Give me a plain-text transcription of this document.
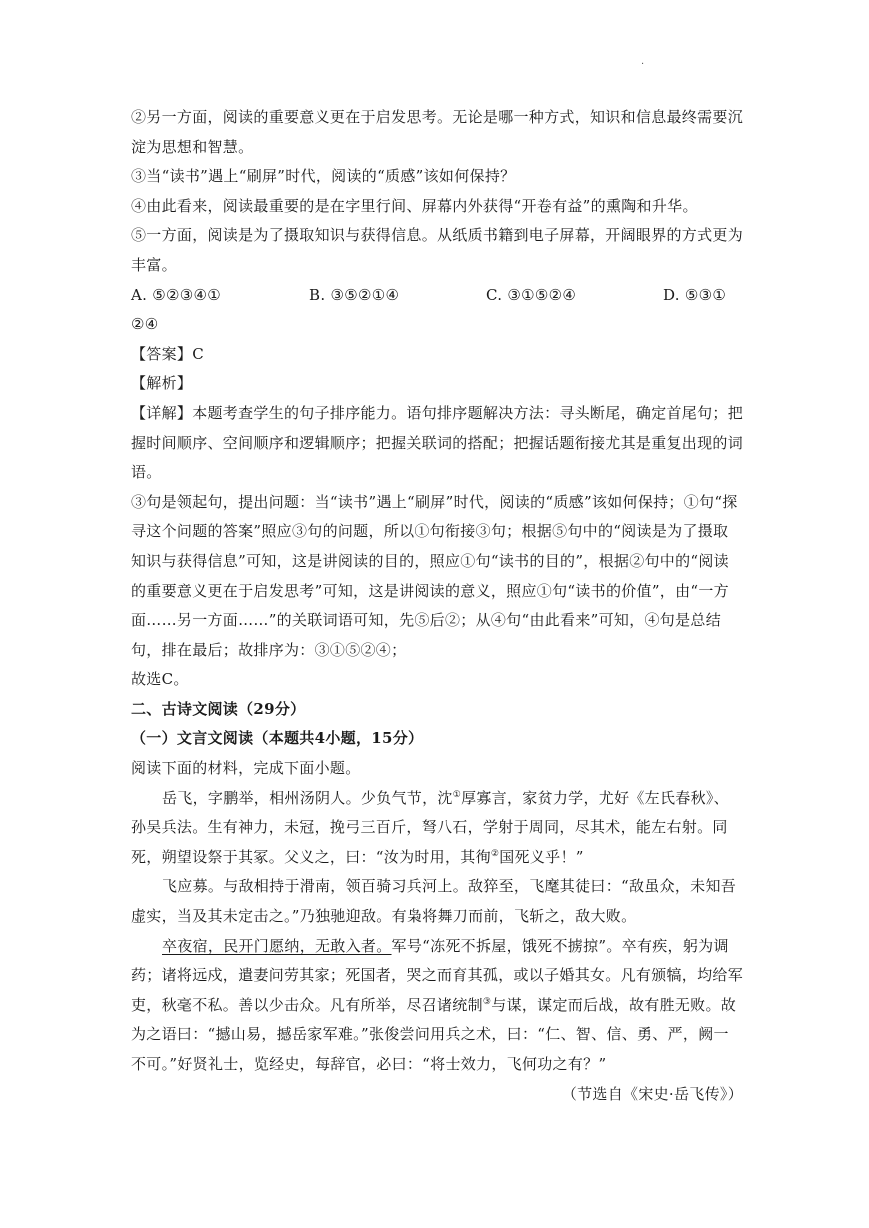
.

②另一方面，阅读的重要意义更在于启发思考。无论是哪一种方式，知识和信息最终需要沉淀为思想和智慧。

③当“读书”遇上“刷屏”时代，阅读的“质感”该如何保持？

④由此看来，阅读最重要的是在字里行间、屏幕内外获得“开卷有益”的熏陶和升华。

⑤一方面，阅读是为了摄取知识与获得信息。从纸质书籍到电子屏幕，开阔眼界的方式更为丰富。

A. ⑤②③④①	B. ③⑤②①④	C. ③①⑤②④	D. ⑤③①

②④

【答案】C

【解析】

【详解】本题考查学生的句子排序能力。语句排序题解决方法：寻头断尾，确定首尾句；把握时间顺序、空间顺序和逻辑顺序；把握关联词的搭配；把握话题衔接尤其是重复出现的词语。

③句是领起句，提出问题：当“读书”遇上“刷屏”时代，阅读的“质感”该如何保持；①句“探寻这个问题的答案”照应③句的问题，所以①句衔接③句；根据⑤句中的“阅读是为了摄取知识与获得信息”可知，这是讲阅读的目的，照应①句“读书的目的”，根据②句中的“阅读的重要意义更在于启发思考”可知，这是讲阅读的意义，照应①句“读书的价值”，由“一方面……另一方面……”的关联词语可知，先⑤后②；从④句“由此看来”可知，④句是总结句，排在最后；故排序为：③①⑤②④；

故选C。

二、古诗文阅读（29分）

（一）文言文阅读（本题共4小题，15分）

阅读下面的材料，完成下面小题。

岳飞，字鹏举，相州汤阴人。少负气节，沈①厚寡言，家贫力学，尤好《左氏春秋》、孙吴兵法。生有神力，未冠，挽弓三百斤，弩八石，学射于周同，尽其术，能左右射。同死，朔望设祭于其冢。父义之，曰：“汝为时用，其徇②国死义乎！”

飞应募。与敌相持于滑南，领百骑习兵河上。敌猝至，飞麾其徒曰：“敌虽众，未知吾虚实，当及其未定击之。”乃独驰迎敌。有枭将舞刀而前，飞斩之，敌大败。

卒夜宿，民开门愿纳，无敢入者。军号“冻死不拆屋，饿死不掳掠”。卒有疾，躬为调药；诸将远戍，遣妻问劳其家；死国者，哭之而育其孤，或以子婚其女。凡有颁犒，均给军吏，秋毫不私。善以少击众。凡有所举，尽召诸统制③与谋，谋定而后战，故有胜无败。故为之语曰：“撼山易，撼岳家军难。”张俊尝问用兵之术，曰：“仁、智、信、勇、严，阙一不可。”好贤礼士，览经史，每辞官，必曰：“将士效力，飞何功之有？”

（节选自《宋史·岳飞传》）
